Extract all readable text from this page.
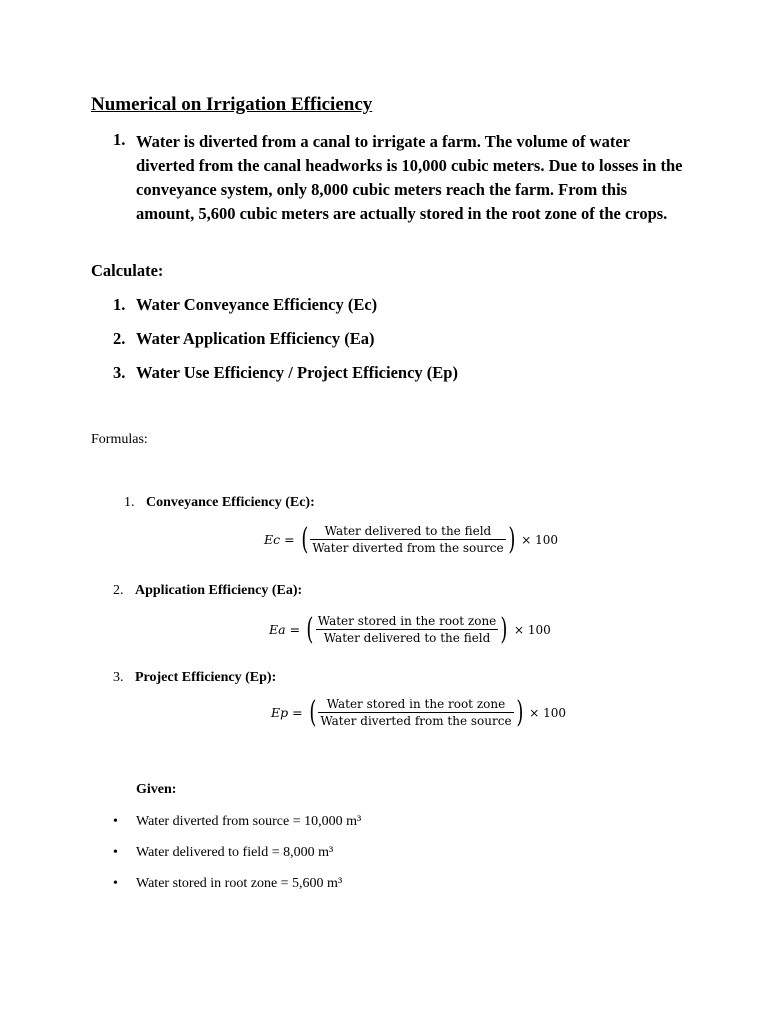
Numerical on Irrigation Efficiency
1. Water is diverted from a canal to irrigate a farm. The volume of water diverted from the canal headworks is 10,000 cubic meters. Due to losses in the conveyance system, only 8,000 cubic meters reach the farm. From this amount, 5,600 cubic meters are actually stored in the root zone of the crops.
Calculate:
1. Water Conveyance Efficiency (Ec)
2. Water Application Efficiency (Ea)
3. Water Use Efficiency / Project Efficiency (Ep)
Formulas:
1. Conveyance Efficiency (Ec):
Ec = ( $\frac{\text{Water delivered to the field}}{\text{Water diverted from the source}}$ ) × 100
2. Application Efficiency (Ea):
Ea = ( $\frac{\text{Water stored in the root zone}}{\text{Water delivered to the field}}$ ) × 100
3. Project Efficiency (Ep):
Ep = ( $\frac{\text{Water stored in the root zone}}{\text{Water diverted from the source}}$ ) × 100
Given:
• Water diverted from source = 10,000 m³
• Water delivered to field = 8,000 m³
• Water stored in root zone = 5,600 m³
